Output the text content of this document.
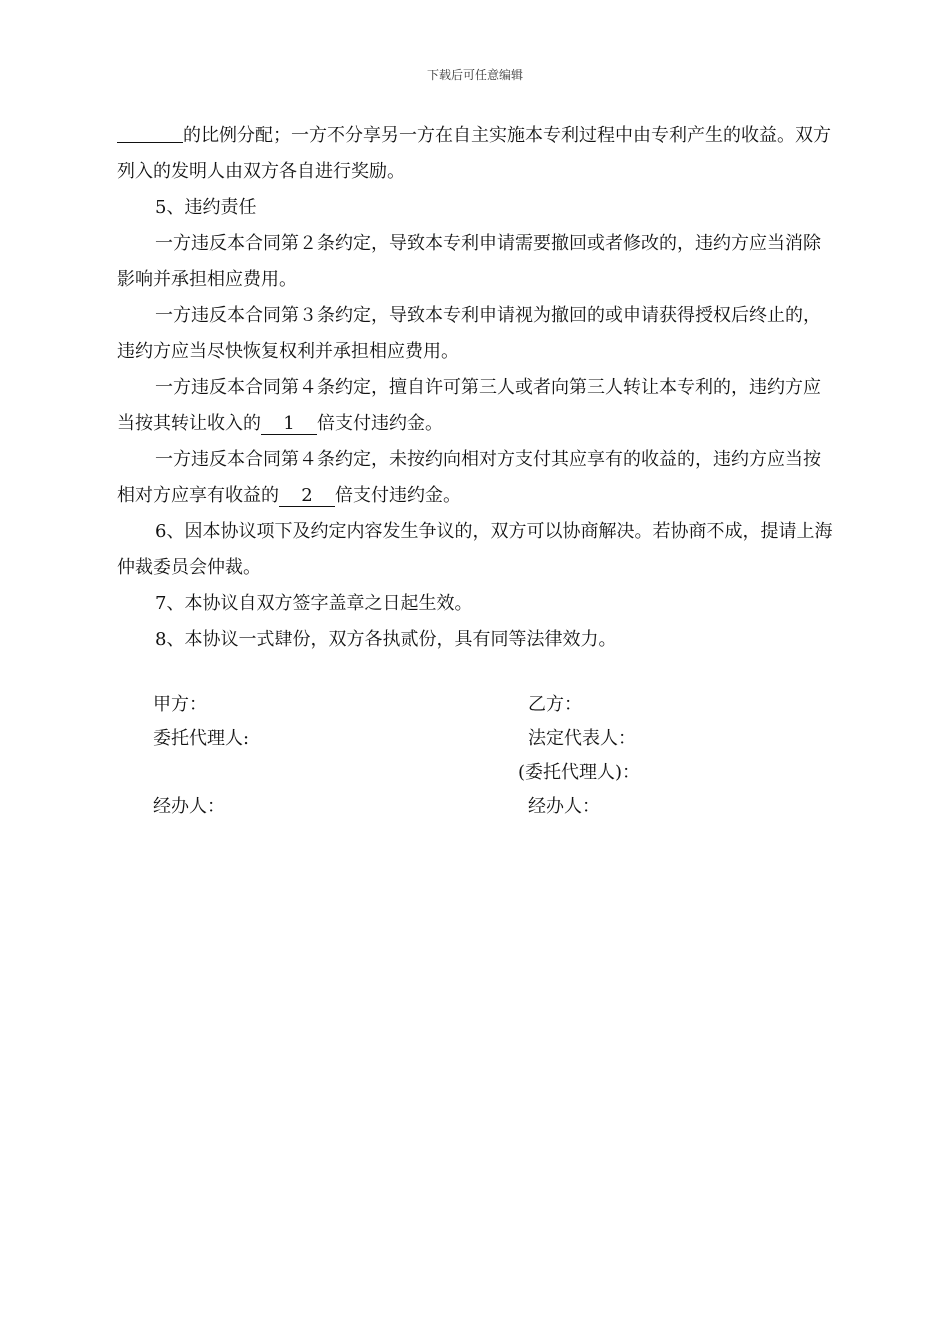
下载后可任意编辑

的比例分配；一方不分享另一方在自主实施本专利过程中由专利产生的收益。双方列入的发明人由双方各自进行奖励。

5、违约责任

一方违反本合同第２条约定，导致本专利申请需要撤回或者修改的，违约方应当消除影响并承担相应费用。

一方违反本合同第３条约定，导致本专利申请视为撤回的或申请获得授权后终止的，违约方应当尽快恢复权利并承担相应费用。

一方违反本合同第４条约定，擅自许可第三人或者向第三人转让本专利的，违约方应当按其转让收入的 1 倍支付违约金。

一方违反本合同第４条约定，未按约向相对方支付其应享有的收益的，违约方应当按相对方应享有收益的 2 倍支付违约金。

6、因本协议项下及约定内容发生争议的，双方可以协商解决。若协商不成，提请上海仲裁委员会仲裁。

7、本协议自双方签字盖章之日起生效。

8、本协议一式肆份，双方各执贰份，具有同等法律效力。

甲方：	乙方：
委托代理人:	法定代表人：
(委托代理人)：
经办人：	经办人：
